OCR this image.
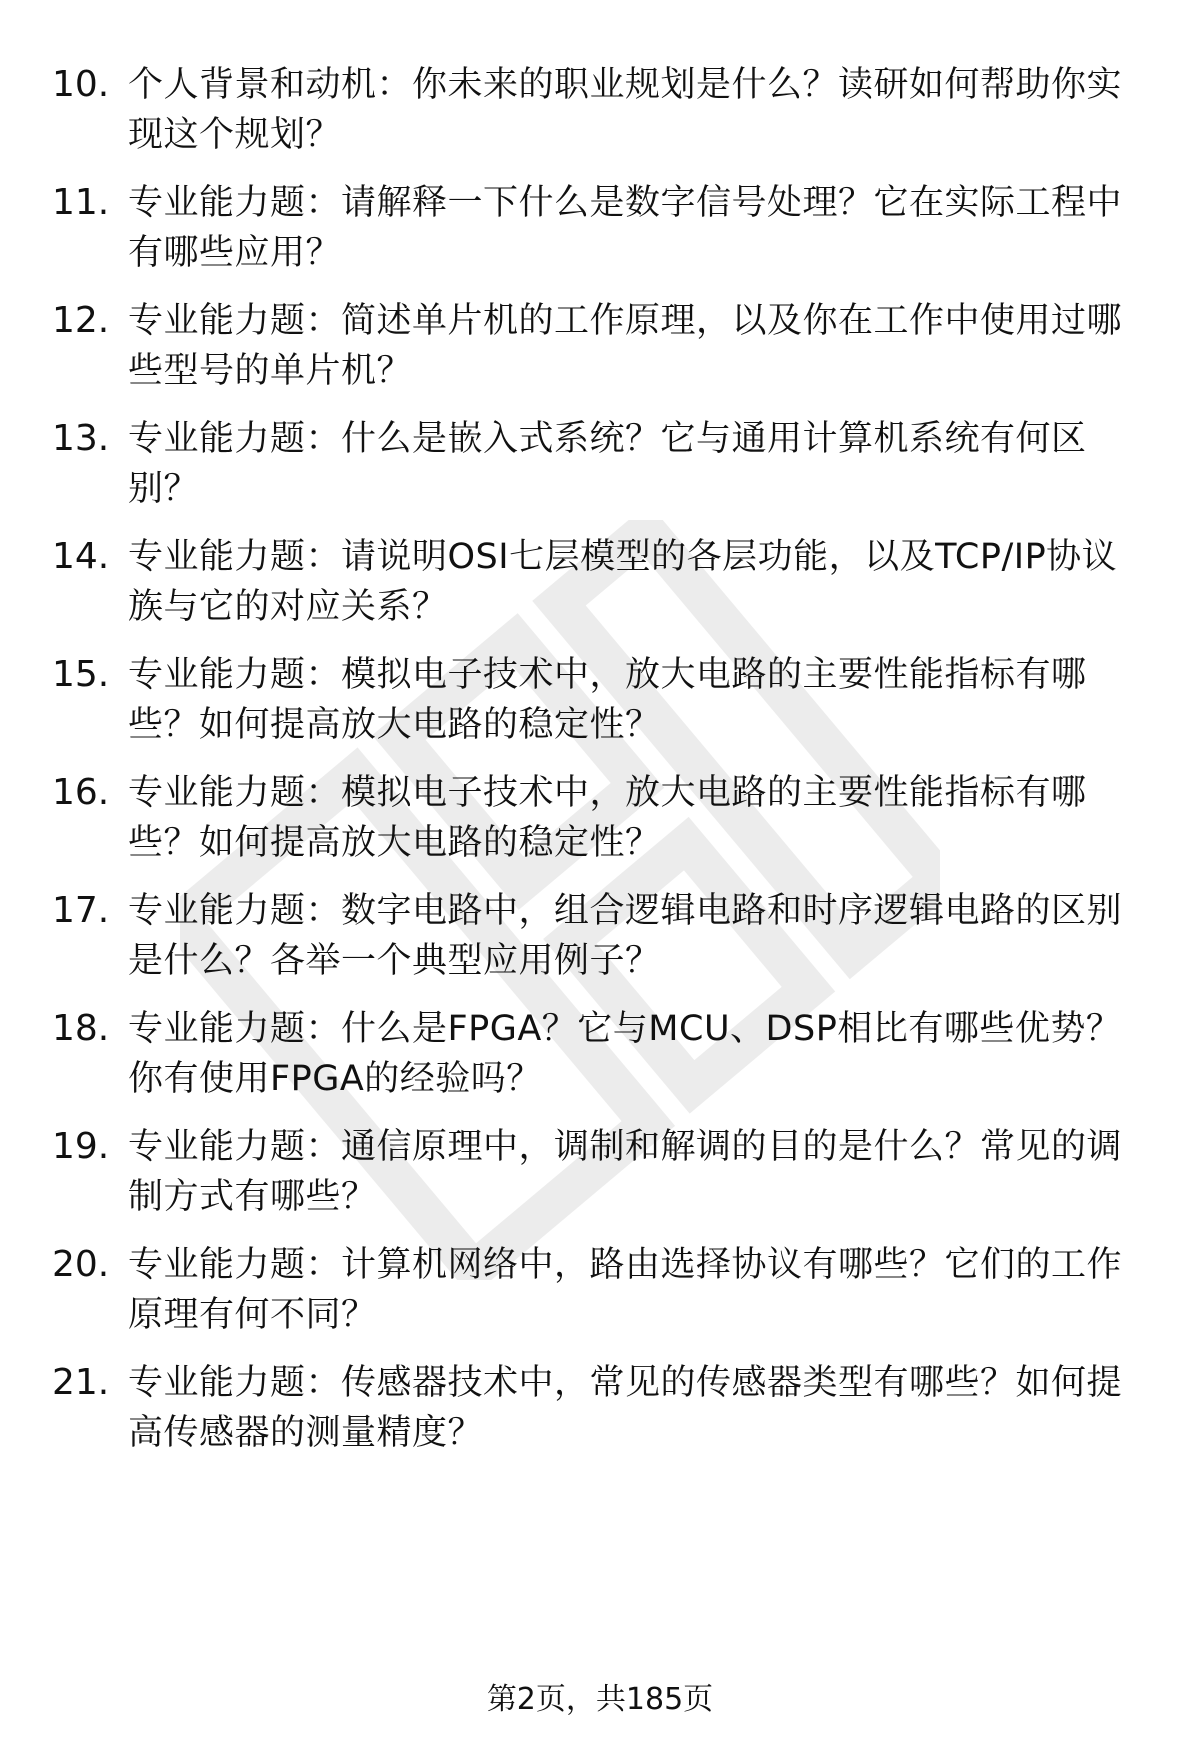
10. 个人背景和动机：你未来的职业规划是什么？读研如何帮助你实现这个规划？
11. 专业能力题：请解释一下什么是数字信号处理？它在实际工程中有哪些应用？
12. 专业能力题：简述单片机的工作原理，以及你在工作中使用过哪些型号的单片机？
13. 专业能力题：什么是嵌入式系统？它与通用计算机系统有何区别？
14. 专业能力题：请说明OSI七层模型的各层功能，以及TCP/IP协议族与它的对应关系？
15. 专业能力题：模拟电子技术中，放大电路的主要性能指标有哪些？如何提高放大电路的稳定性？
16. 专业能力题：模拟电子技术中，放大电路的主要性能指标有哪些？如何提高放大电路的稳定性？
17. 专业能力题：数字电路中，组合逻辑电路和时序逻辑电路的区别是什么？各举一个典型应用例子？
18. 专业能力题：什么是FPGA？它与MCU、DSP相比有哪些优势？你有使用FPGA的经验吗？
19. 专业能力题：通信原理中，调制和解调的目的是什么？常见的调制方式有哪些？
20. 专业能力题：计算机网络中，路由选择协议有哪些？它们的工作原理有何不同？
21. 专业能力题：传感器技术中，常见的传感器类型有哪些？如何提高传感器的测量精度？
第2页，共185页
